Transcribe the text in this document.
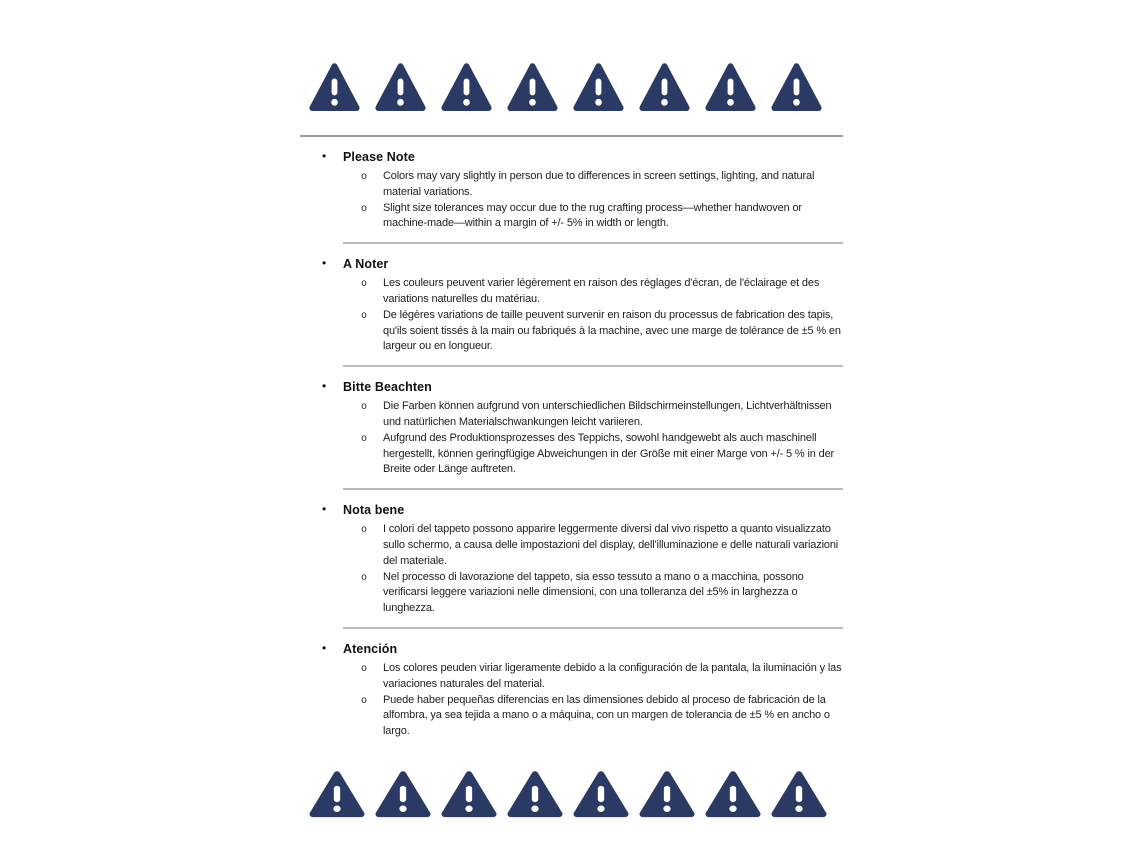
• Please Note
o	Colors may vary slightly in person due to differences in screen settings, lighting, and natural material variations.

o	Slight size tolerances may occur due to the rug crafting process—whether handwoven or machine-made—within a margin of +/- 5% in width or length.

• A Noter
o	Les couleurs peuvent varier légèrement en raison des réglages d'écran, de l'éclairage et des variations naturelles du matériau.

o	De légères variations de taille peuvent survenir en raison du processus de fabrication des tapis, qu'ils soient tissés à la main ou fabriqués à la machine, avec une marge de tolérance de ±5 % en largeur ou en longueur.

• Bitte Beachten
o	Die Farben können aufgrund von unterschiedlichen Bildschirmeinstellungen, Lichtverhältnissen und natürlichen Materialschwankungen leicht variieren.

o	Aufgrund des Produktionsprozesses des Teppichs, sowohl handgewebt als auch maschinell hergestellt, können geringfügige Abweichungen in der Größe mit einer Marge von +/- 5 % in der Breite oder Länge auftreten.

• Nota bene
o	I colori del tappeto possono apparire leggermente diversi dal vivo rispetto a quanto visualizzato sullo schermo, a causa delle impostazioni del display, dell'illuminazione e delle naturali variazioni del materiale.

o	Nel processo di lavorazione del tappeto, sia esso tessuto a mano o a macchina, possono verificarsi leggere variazioni nelle dimensioni, con una tolleranza del ±5% in larghezza o lunghezza.

• Atención
o	Los colores peuden viriar ligeramente debido a la configuración de la pantala, la iluminación y las variaciones naturales del material.

o	Puede haber pequeñas diferencias en las dimensiones debido al proceso de fabricación de la alfombra, ya sea tejida a mano o a máquina, con un margen de tolerancia de ±5 % en ancho o largo.
